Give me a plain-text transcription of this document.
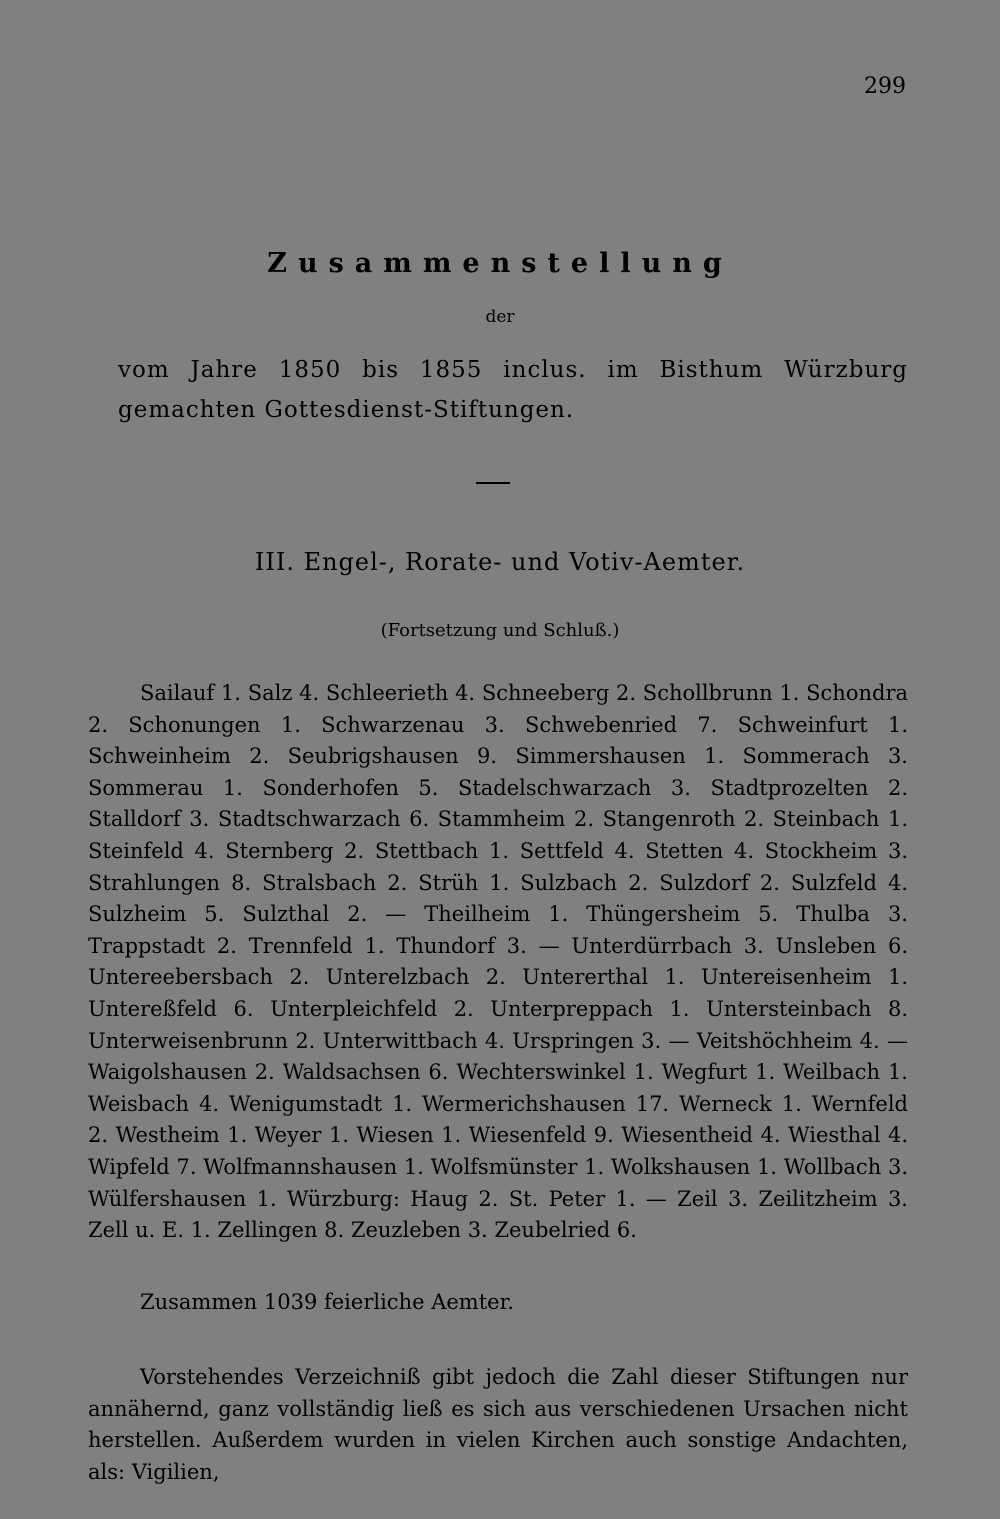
299
Zusammenstellung
der
vom Jahre 1850 bis 1855 inclus. im Bisthum Würzburg gemachten Gottesdienst-Stiftungen.
III. Engel-, Rorate- und Votiv-Aemter.
(Fortsetzung und Schluß.)
Sailauf 1. Salz 4. Schleerieth 4. Schneeberg 2. Schollbrunn 1. Schondra 2. Schonungen 1. Schwarzenau 3. Schwebenried 7. Schweinfurt 1. Schweinheim 2. Seubrigshausen 9. Simmershausen 1. Sommerach 3. Sommerau 1. Sonderhofen 5. Stadelschwarzach 3. Stadtprozelten 2. Stalldorf 3. Stadtschwarzach 6. Stammheim 2. Stangenroth 2. Steinbach 1. Steinfeld 4. Sternberg 2. Stettbach 1. Settfeld 4. Stetten 4. Stockheim 3. Strahlungen 8. Stralsbach 2. Strüh 1. Sulzbach 2. Sulzdorf 2. Sulzfeld 4. Sulzheim 5. Sulzthal 2. — Theilheim 1. Thüngersheim 5. Thulba 3. Trappstadt 2. Trennfeld 1. Thundorf 3. — Unterdürrbach 3. Unsleben 6. Untereebersbach 2. Unterelzbach 2. Untererthal 1. Untereisenheim 1. Untereßfeld 6. Unterpleichfeld 2. Unterpreppach 1. Untersteinbach 8. Unterweisenbrunn 2. Unterwittbach 4. Urspringen 3. — Veitshöchheim 4. — Waigolshausen 2. Waldsachsen 6. Wechterswinkel 1. Wegfurt 1. Weilbach 1. Weisbach 4. Wenigumstadt 1. Wermerichshausen 17. Werneck 1. Wernfeld 2. Westheim 1. Weyer 1. Wiesen 1. Wiesenfeld 9. Wiesentheid 4. Wiesthal 4. Wipfeld 7. Wolfmannshausen 1. Wolfsmünster 1. Wolkshausen 1. Wollbach 3. Wülfershausen 1. Würzburg: Haug 2. St. Peter 1. — Zeil 3. Zeilitzheim 3. Zell u. E. 1. Zellingen 8. Zeuzleben 3. Zeubelried 6.
Zusammen 1039 feierliche Aemter.
Vorstehendes Verzeichniß gibt jedoch die Zahl dieser Stiftungen nur annähernd, ganz vollständig ließ es sich aus verschiedenen Ursachen nicht herstellen. Außerdem wurden in vielen Kirchen auch sonstige Andachten, als: Vigilien,
